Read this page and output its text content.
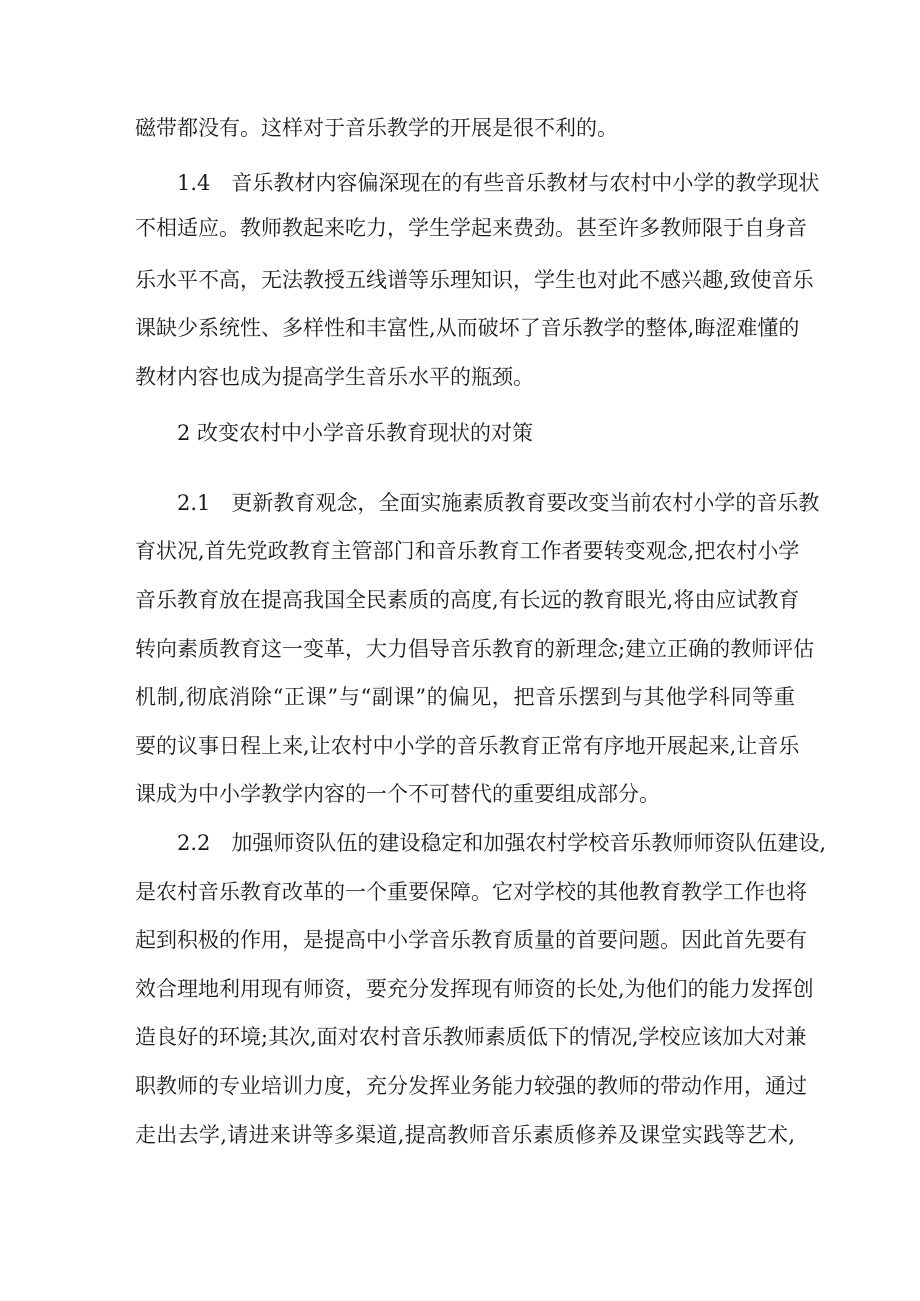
磁带都没有。这样对于音乐教学的开展是很不利的。
1.4　音乐教材内容偏深现在的有些音乐教材与农村中小学的教学现状
不相适应。教师教起来吃力，学生学起来费劲。甚至许多教师限于自身音
乐水平不高，无法教授五线谱等乐理知识，学生也对此不感兴趣,致使音乐
课缺少系统性、多样性和丰富性,从而破坏了音乐教学的整体,晦涩难懂的
教材内容也成为提高学生音乐水平的瓶颈。
2 改变农村中小学音乐教育现状的对策
2.1　更新教育观念，全面实施素质教育要改变当前农村小学的音乐教
育状况,首先党政教育主管部门和音乐教育工作者要转变观念,把农村小学
音乐教育放在提高我国全民素质的高度,有长远的教育眼光,将由应试教育
转向素质教育这一变革，大力倡导音乐教育的新理念;建立正确的教师评估
机制,彻底消除“正课”与“副课”的偏见，把音乐摆到与其他学科同等重
要的议事日程上来,让农村中小学的音乐教育正常有序地开展起来,让音乐
课成为中小学教学内容的一个不可替代的重要组成部分。
2.2　加强师资队伍的建设稳定和加强农村学校音乐教师师资队伍建设,
是农村音乐教育改革的一个重要保障。它对学校的其他教育教学工作也将
起到积极的作用，是提高中小学音乐教育质量的首要问题。因此首先要有
效合理地利用现有师资，要充分发挥现有师资的长处,为他们的能力发挥创
造良好的环境;其次,面对农村音乐教师素质低下的情况,学校应该加大对兼
职教师的专业培训力度，充分发挥业务能力较强的教师的带动作用，通过
走出去学,请进来讲等多渠道,提高教师音乐素质修养及课堂实践等艺术,
